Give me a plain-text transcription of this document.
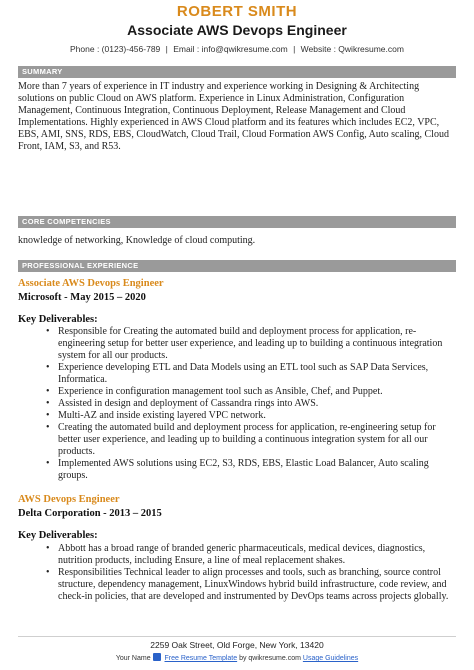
ROBERT SMITH
Associate AWS Devops Engineer
Phone : (0123)-456-789 | Email : info@qwikresume.com | Website : Qwikresume.com
SUMMARY
More than 7 years of experience in IT industry and experience working in Designing & Architecting solutions on public Cloud on AWS platform. Experience in Linux Administration, Configuration Management, Continuous Integration, Continuous Deployment, Release Management and Cloud Implementations. Highly experienced in AWS Cloud platform and its features which includes EC2, VPC, EBS, AMI, SNS, RDS, EBS, CloudWatch, Cloud Trail, Cloud Formation AWS Config, Auto scaling, Cloud Front, IAM, S3, and R53.
CORE COMPETENCIES
knowledge of networking, Knowledge of cloud computing.
PROFESSIONAL EXPERIENCE
Associate AWS Devops Engineer
Microsoft - May 2015 – 2020
Key Deliverables:
• Responsible for Creating the automated build and deployment process for application, re-engineering setup for better user experience, and leading up to building a continuous integration system for all our products.
• Experience developing ETL and Data Models using an ETL tool such as SAP Data Services, Informatica.
• Experience in configuration management tool such as Ansible, Chef, and Puppet.
• Assisted in design and deployment of Cassandra rings into AWS.
• Multi-AZ and inside existing layered VPC network.
• Creating the automated build and deployment process for application, re-engineering setup for better user experience, and leading up to building a continuous integration system for all our products.
• Implemented AWS solutions using EC2, S3, RDS, EBS, Elastic Load Balancer, Auto scaling groups.
AWS Devops Engineer
Delta Corporation - 2013 – 2015
Key Deliverables:
• Abbott has a broad range of branded generic pharmaceuticals, medical devices, diagnostics, nutrition products, including Ensure, a line of meal replacement shakes.
• Responsibilities Technical leader to align processes and tools, such as branching, source control structure, dependency management, LinuxWindows hybrid build infrastructure, code review, and check-in policies, that are developed and instrumented by DevOps teams across projects globally.
2259 Oak Street, Old Forge, New York, 13420
Your Name Free Resume Template by qwikresume.com Usage Guidelines
